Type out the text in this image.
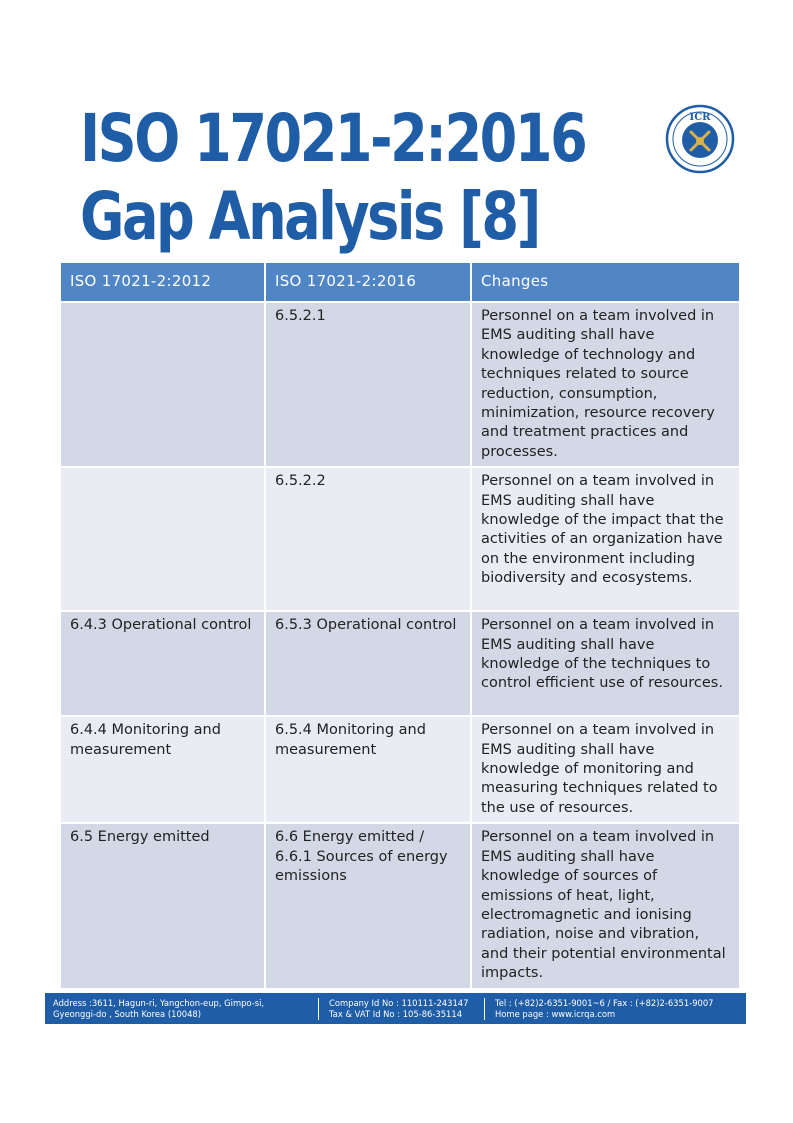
ISO 17021-2:2016
Gap Analysis [8]
ICR
ISO 17021-2:2012	ISO 17021-2:2016	Changes
	6.5.2.1	Personnel on a team involved in EMS auditing shall have knowledge of technology and techniques related to source reduction, consumption, minimization, resource recovery and treatment practices and processes.
	6.5.2.2	Personnel on a team involved in EMS auditing shall have knowledge of the impact that the activities of an organization have on the environment including biodiversity and ecosystems.
6.4.3 Operational control	6.5.3 Operational control	Personnel on a team involved in EMS auditing shall have knowledge of the techniques to control efficient use of resources.
6.4.4 Monitoring and measurement	6.5.4 Monitoring and measurement	Personnel on a team involved in EMS auditing shall have knowledge of monitoring and measuring techniques related to the use of resources.
6.5 Energy emitted	6.6 Energy emitted / 6.6.1 Sources of energy emissions	Personnel on a team involved in EMS auditing shall have knowledge of sources of emissions of heat, light, electromagnetic and ionising radiation, noise and vibration, and their potential environmental impacts.
Address :3611, Hagun-ri, Yangchon-eup, Gimpo-si,
Gyeonggi-do , South Korea (10048)
Company Id No : 110111-243147
Tax & VAT Id No : 105-86-35114
Tel : (+82)2-6351-9001~6 / Fax : (+82)2-6351-9007
Home page : www.icrqa.com
